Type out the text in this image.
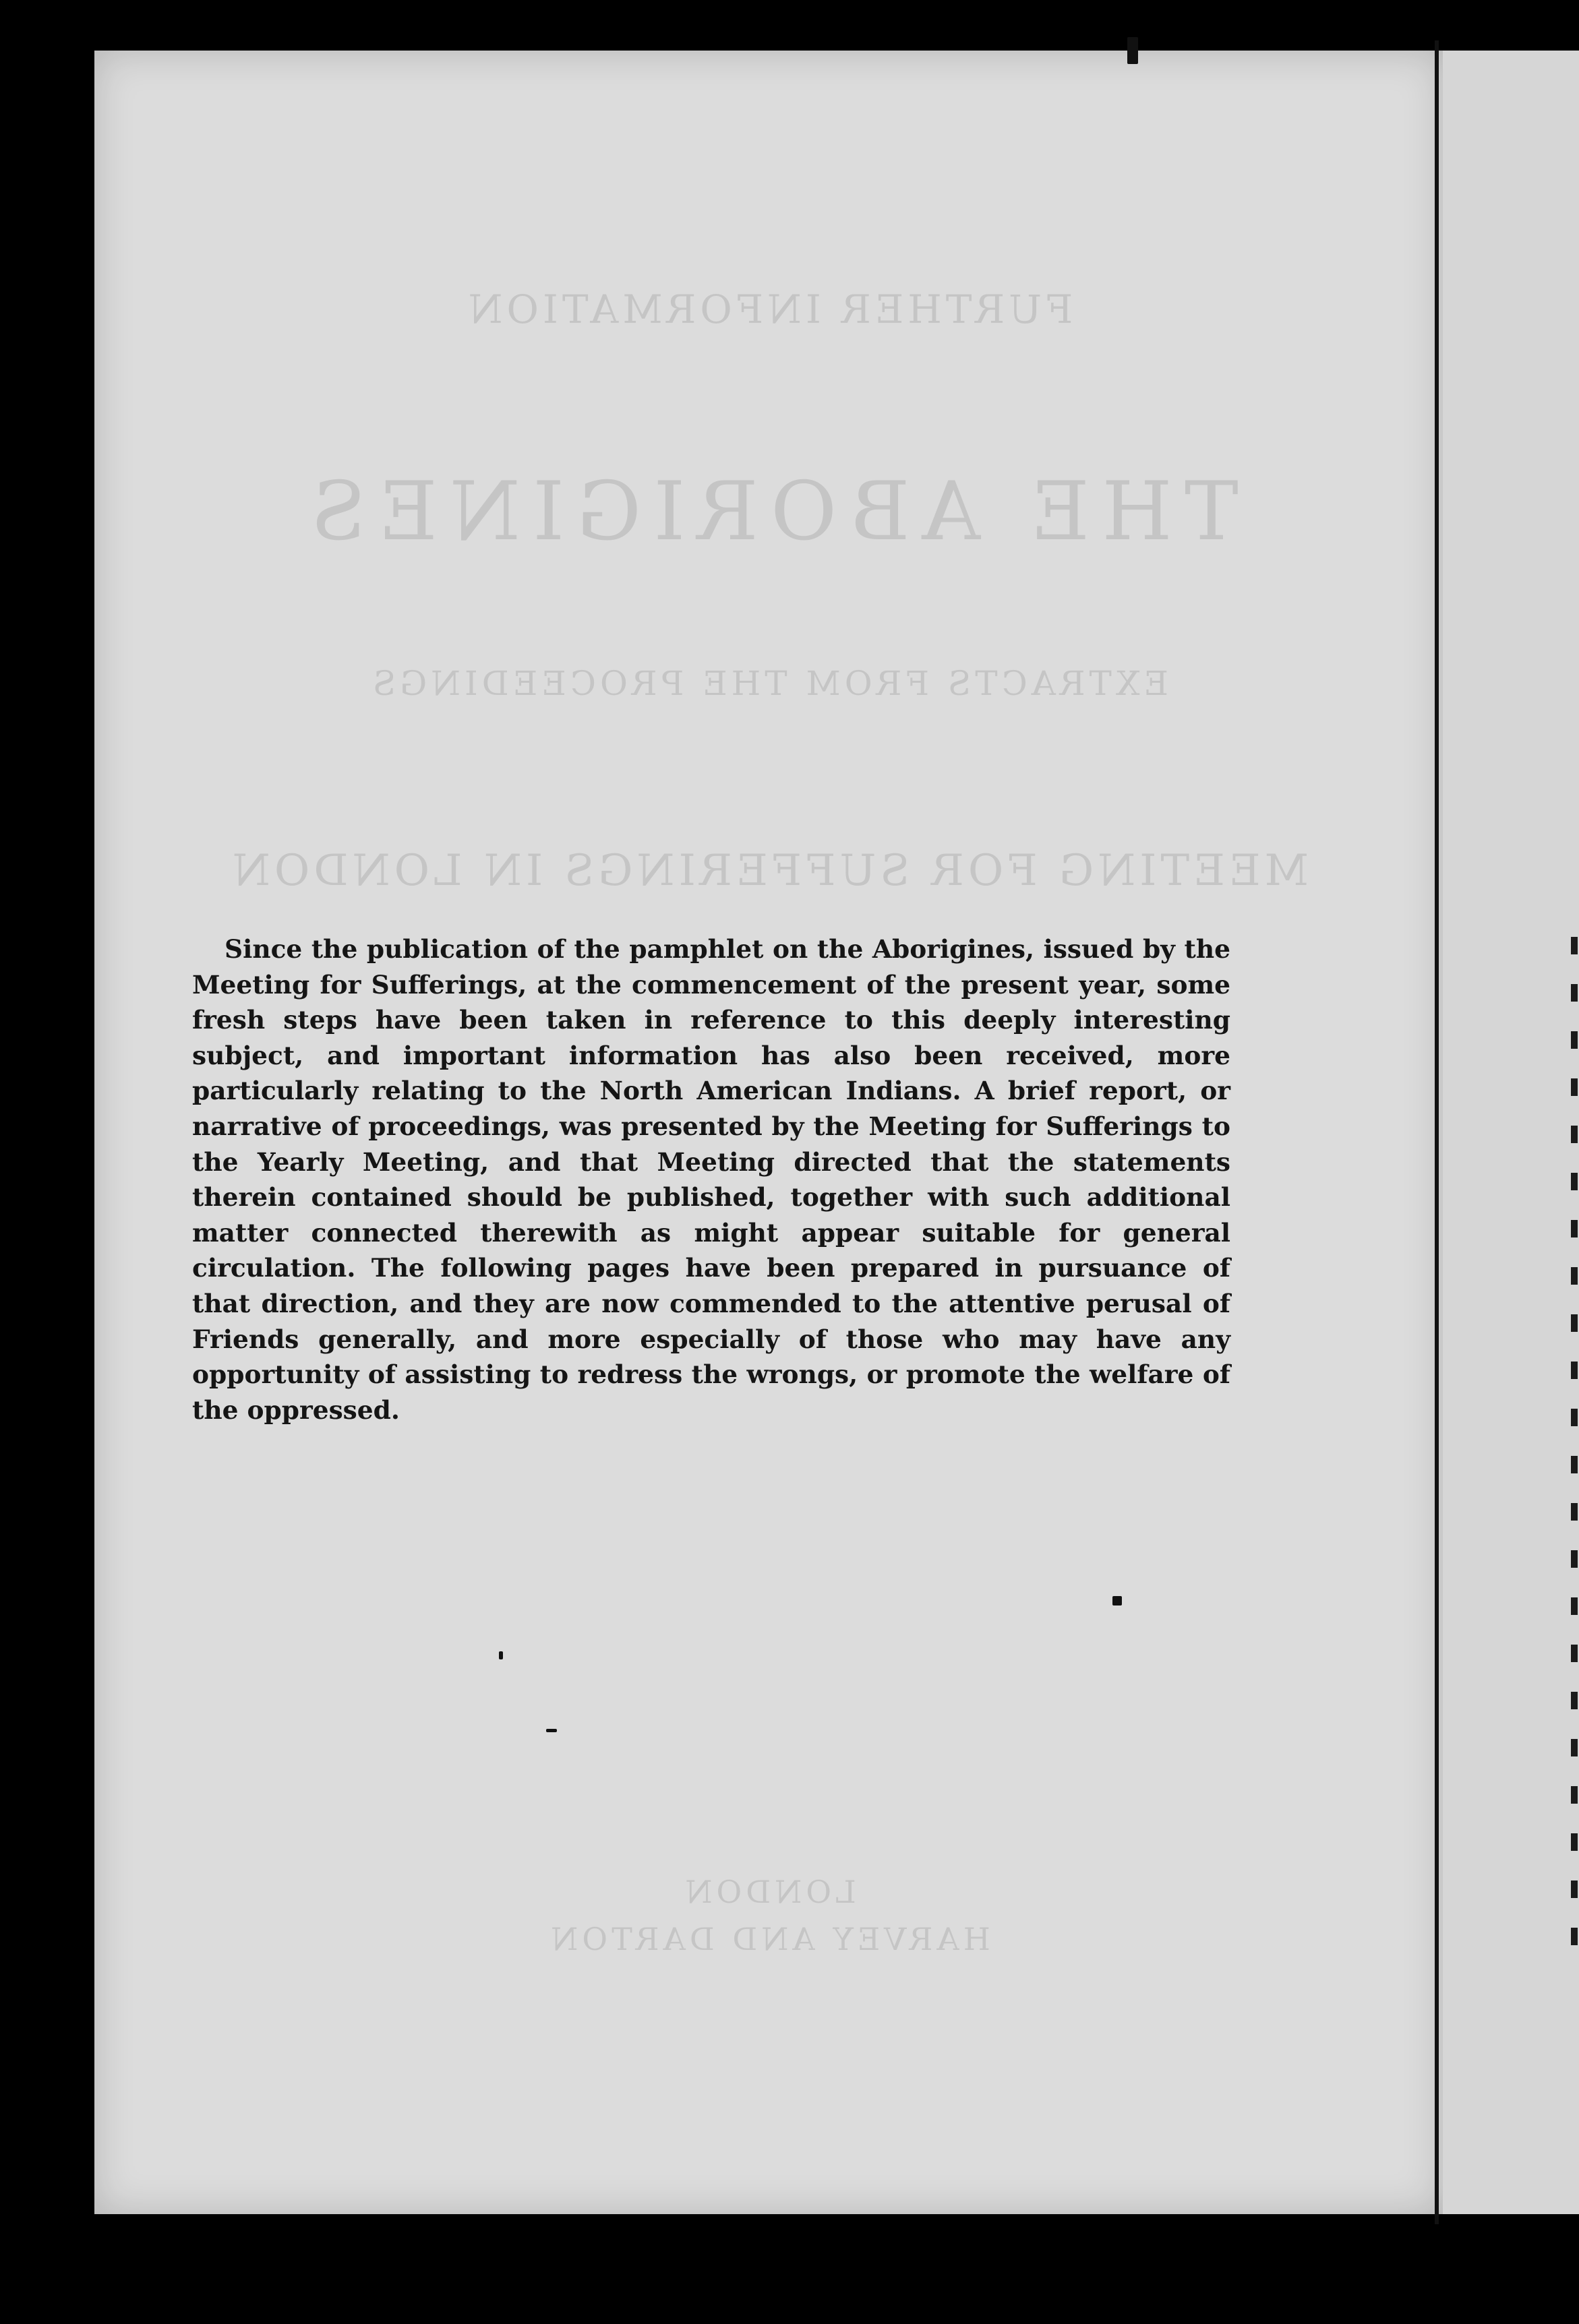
FURTHER INFORMATION
THE ABORIGINES
EXTRACTS FROM THE PROCEEDINGS
MEETING FOR SUFFERINGS IN LONDON
LONDON
HARVEY AND DARTON

Since the publication of the pamphlet on the Aborigines, issued by the Meeting for Sufferings, at the commencement of the present year, some fresh steps have been taken in reference to this deeply interesting subject, and important information has also been received, more particularly relating to the North American Indians. A brief report, or narrative of proceedings, was presented by the Meeting for Sufferings to the Yearly Meeting, and that Meeting directed that the statements therein contained should be published, together with such additional matter connected therewith as might appear suitable for general circulation. The following pages have been prepared in pursuance of that direction, and they are now commended to the attentive perusal of Friends generally, and more especially of those who may have any opportunity of assisting to redress the wrongs, or promote the welfare of the oppressed.
